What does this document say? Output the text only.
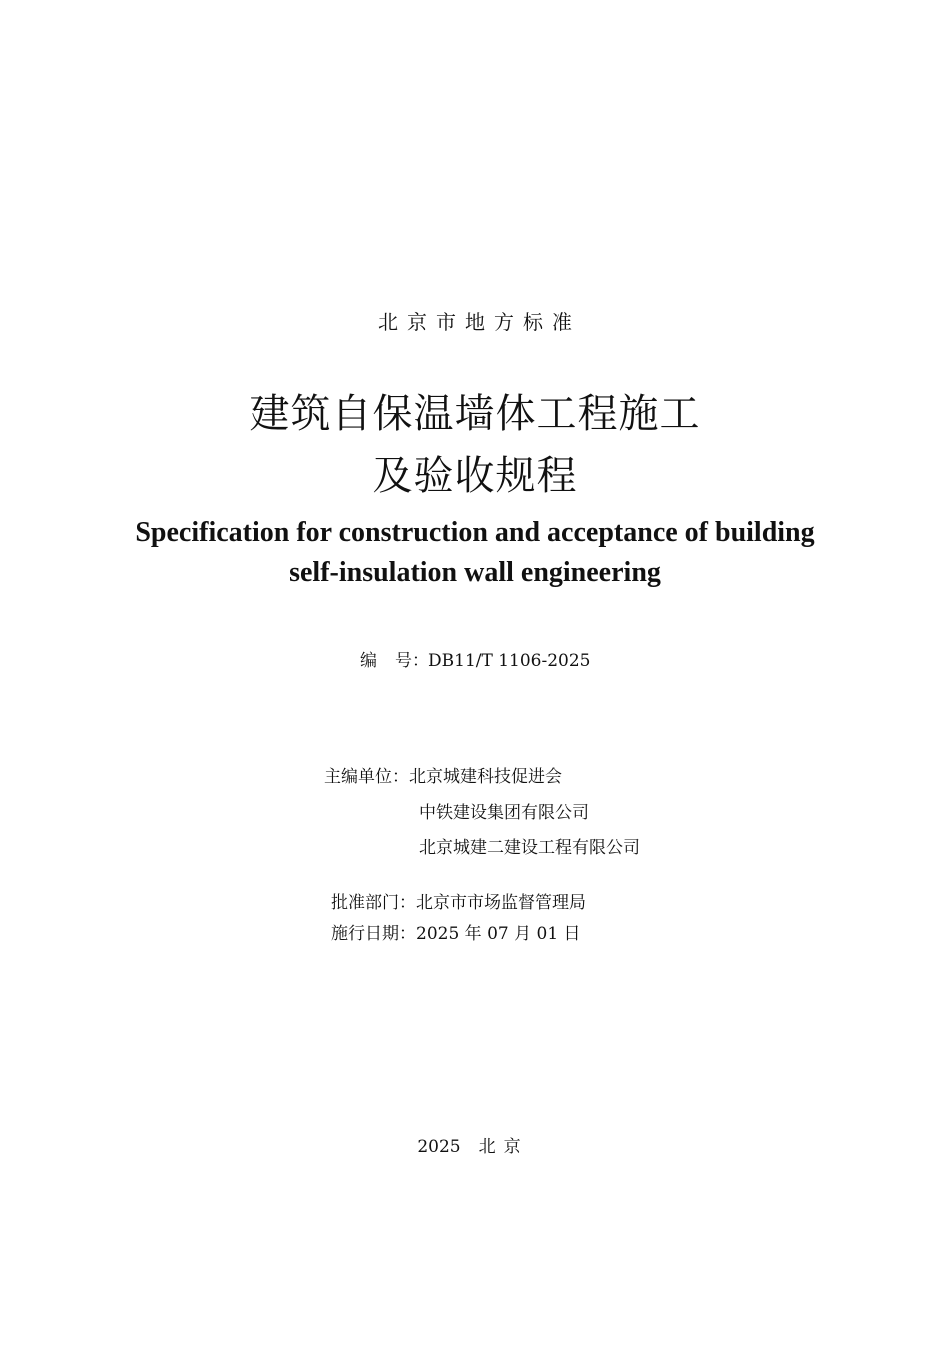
北京市地方标准
建筑自保温墙体工程施工
及验收规程
Specification for construction and acceptance of building
self-insulation wall engineering
编 号：DB11/T 1106-2025
主编单位：北京城建科技促进会
中铁建设集团有限公司
北京城建二建设工程有限公司
批准部门：北京市市场监督管理局
施行日期：2025 年 07 月 01 日
2025 北京
